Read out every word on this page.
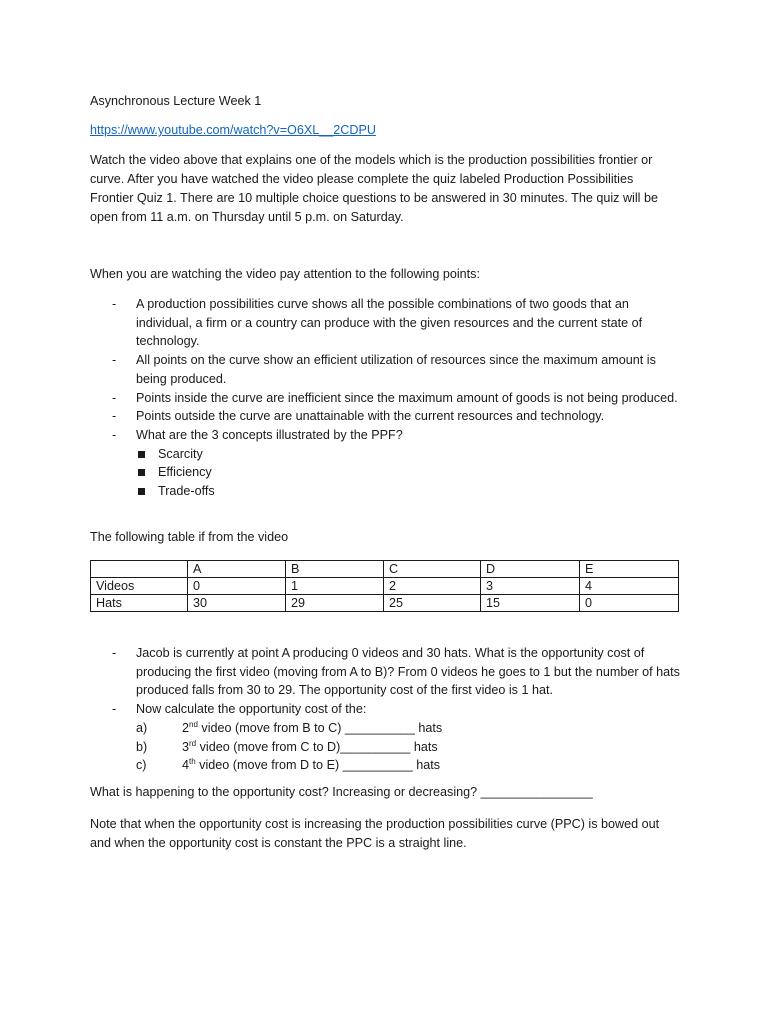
Asynchronous Lecture Week 1

https://www.youtube.com/watch?v=O6XL__2CDPU

Watch the video above that explains one of the models which is the production possibilities frontier or curve. After you have watched the video please complete the quiz labeled Production Possibilities Frontier Quiz 1. There are 10 multiple choice questions to be answered in 30 minutes. The quiz will be open from 11 a.m. on Thursday until 5 p.m. on Saturday.

When you are watching the video pay attention to the following points:

- A production possibilities curve shows all the possible combinations of two goods that an individual, a firm or a country can produce with the given resources and the current state of technology.
- All points on the curve show an efficient utilization of resources since the maximum amount is being produced.
- Points inside the curve are inefficient since the maximum amount of goods is not being produced.
- Points outside the curve are unattainable with the current resources and technology.
- What are the 3 concepts illustrated by the PPF?
Scarcity
Efficiency
Trade-offs

The following table if from the video

	A	B	C	D	E
Videos	0	1	2	3	4
Hats	30	29	25	15	0
- Jacob is currently at point A producing 0 videos and 30 hats. What is the opportunity cost of producing the first video (moving from A to B)? From 0 videos he goes to 1 but the number of hats produced falls from 30 to 29. The opportunity cost of the first video is 1 hat.
- Now calculate the opportunity cost of the:
a)	2nd video (move from B to C) __________ hats
b)	3rd video (move from C to D)__________ hats
c)	4th video (move from D to E) __________ hats

What is happening to the opportunity cost? Increasing or decreasing? ________________

Note that when the opportunity cost is increasing the production possibilities curve (PPC) is bowed out and when the opportunity cost is constant the PPC is a straight line.
